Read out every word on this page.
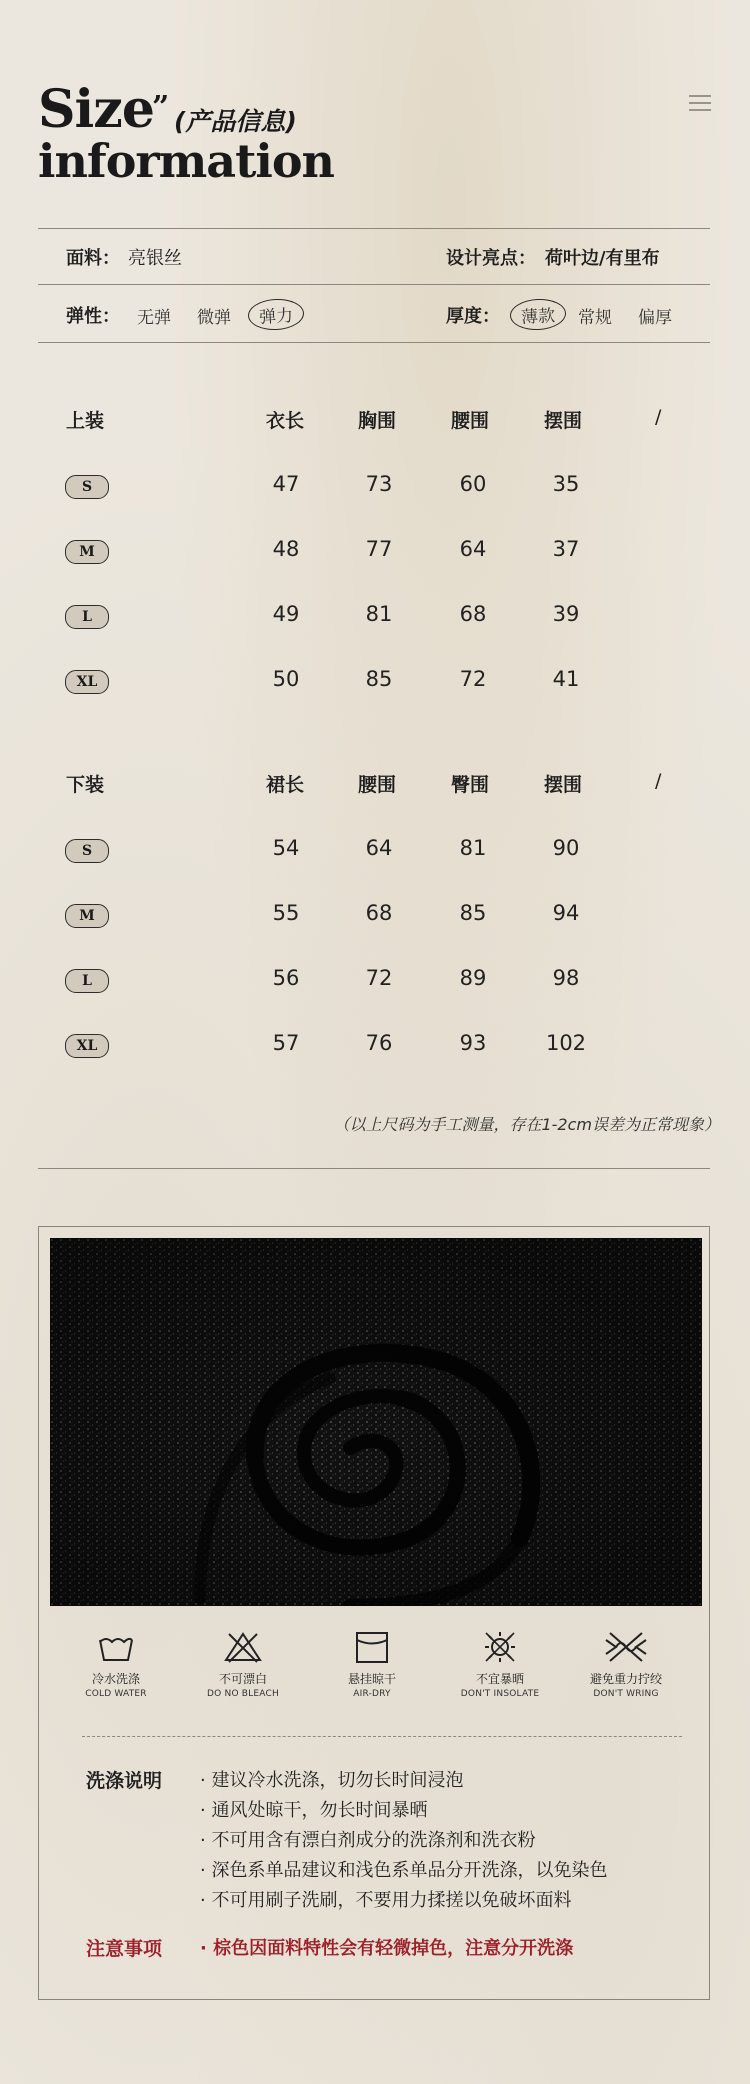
Size
” (产品信息)
information
面料： 亮银丝	设计亮点： 荷叶边/有里布
弹性： 无弹 微弹	弹力	厚度：	薄款	常规 偏厚
上装	衣长	胸围	腰围	摆围	/
S	47	73	60	35
M	48	77	64	37
L	49	81	68	39
XL	50	85	72	41
下装	裙长	腰围	臀围	摆围	/
S	54	64	81	90
M	55	68	85	94
L	56	72	89	98
XL	57	76	93	102
（以上尺码为手工测量，存在1-2cm误差为正常现象）
冷水洗涤
COLD WATER
不可漂白
DO NO BLEACH
悬挂晾干
AIR-DRY
不宜暴晒
DON'T INSOLATE
避免重力拧绞
DON'T WRING
洗涤说明	· 建议冷水洗涤，切勿长时间浸泡
· 通风处晾干，勿长时间暴晒
· 不可用含有漂白剂成分的洗涤剂和洗衣粉
· 深色系单品建议和浅色系单品分开洗涤，以免染色
· 不可用刷子洗刷，不要用力揉搓以免破坏面料
注意事项	· 棕色因面料特性会有轻微掉色，注意分开洗涤
